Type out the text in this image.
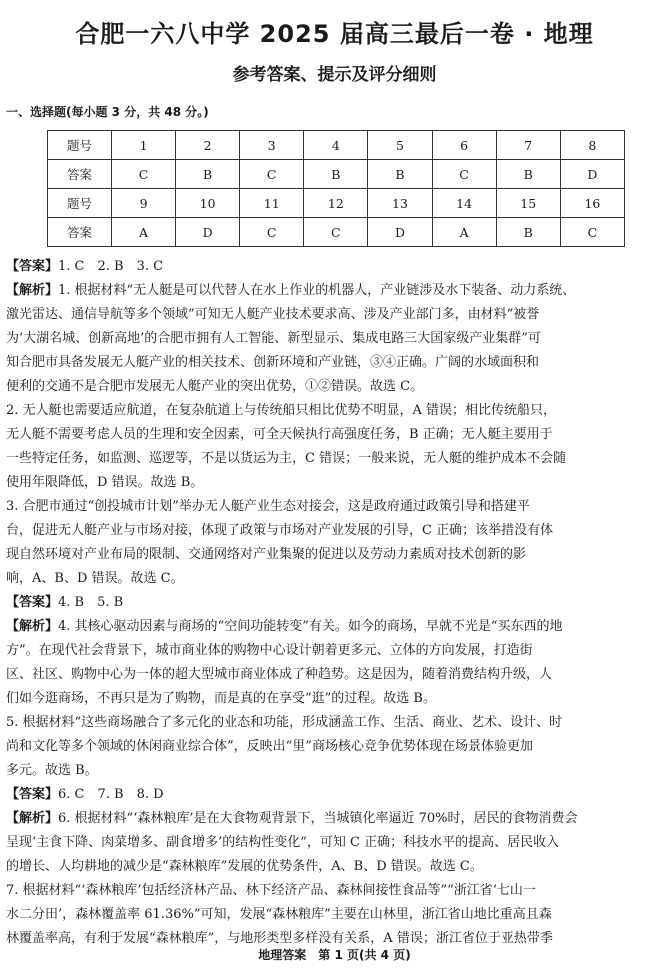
合肥一六八中学 2025 届高三最后一卷 · 地理
参考答案、提示及评分细则
一、选择题(每小题 3 分，共 48 分。)
题号	1	2	3	4	5	6	7	8
答案	C	B	C	B	B	C	B	D
题号	9	10	11	12	13	14	15	16
答案	A	D	C	C	D	A	B	C
【答案】1. C　2. B　3. C
【解析】1. 根据材料“无人艇是可以代替人在水上作业的机器人，产业链涉及水下装备、动力系统、
激光雷达、通信导航等多个领域”可知无人艇产业技术要求高、涉及产业部门多，由材料“被誉
为‘大湖名城、创新高地’的合肥市拥有人工智能、新型显示、集成电路三大国家级产业集群”可
知合肥市具备发展无人艇产业的相关技术、创新环境和产业链，③④正确。广阔的水域面积和
便利的交通不是合肥市发展无人艇产业的突出优势，①②错误。故选 C。
2. 无人艇也需要适应航道，在复杂航道上与传统船只相比优势不明显，A 错误；相比传统船只，
无人艇不需要考虑人员的生理和安全因素，可全天候执行高强度任务，B 正确；无人艇主要用于
一些特定任务，如监测、巡逻等，不是以货运为主，C 错误；一般来说，无人艇的维护成本不会随
使用年限降低，D 错误。故选 B。
3. 合肥市通过“创投城市计划”举办无人艇产业生态对接会，这是政府通过政策引导和搭建平
台，促进无人艇产业与市场对接，体现了政策与市场对产业发展的引导，C 正确；该举措没有体
现自然环境对产业布局的限制、交通网络对产业集聚的促进以及劳动力素质对技术创新的影
响，A、B、D 错误。故选 C。
【答案】4. B　5. B
【解析】4. 其核心驱动因素与商场的“空间功能转变”有关。如今的商场，早就不光是“买东西的地
方”。在现代社会背景下，城市商业体的购物中心设计朝着更多元、立体的方向发展，打造街
区、社区、购物中心为一体的超大型城市商业体成了种趋势。这是因为，随着消费结构升级，人
们如今逛商场，不再只是为了购物，而是真的在享受“逛”的过程。故选 B。
5. 根据材料“这些商场融合了多元化的业态和功能，形成涵盖工作、生活、商业、艺术、设计、时
尚和文化等多个领域的休闲商业综合体”，反映出“里”商场核心竞争优势体现在场景体验更加
多元。故选 B。
【答案】6. C　7. B　8. D
【解析】6. 根据材料“‘森林粮库’是在大食物观背景下，当城镇化率逼近 70%时，居民的食物消费会
呈现‘主食下降、肉菜增多、副食增多’的结构性变化”，可知 C 正确；科技水平的提高、居民收入
的增长、人均耕地的减少是“森林粮库”发展的优势条件，A、B、D 错误。故选 C。
7. 根据材料“‘森林粮库’包括经济林产品、林下经济产品、森林间接性食品等”“浙江省‘七山一
水二分田’，森林覆盖率 61.36%”可知，发展“森林粮库”主要在山林里，浙江省山地比重高且森
林覆盖率高，有利于发展“森林粮库”，与地形类型多样没有关系，A 错误；浙江省位于亚热带季
地理答案　第 1 页(共 4 页)
